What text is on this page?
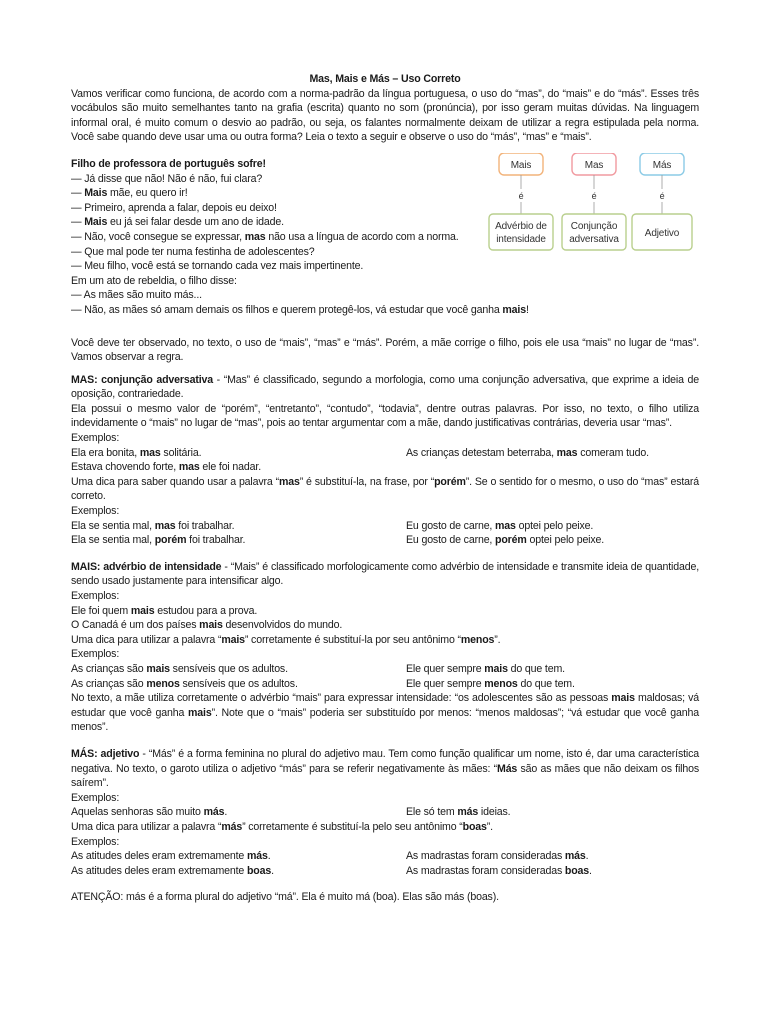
Mas, Mais e Más – Uso Correto

Vamos verificar como funciona, de acordo com a norma-padrão da língua portuguesa, o uso do “mas”, do “mais” e do “más”. Esses três vocábulos são muito semelhantes tanto na grafia (escrita) quanto no som (pronúncia), por isso geram muitas dúvidas. Na linguagem informal oral, é muito comum o desvio ao padrão, ou seja, os falantes normalmente deixam de utilizar a regra estipulada pela norma. Você sabe quando deve usar uma ou outra forma? Leia o texto a seguir e observe o uso do “más”, “mas” e “mais”.

Filho de professora de português sofre!

— Já disse que não! Não é não, fui clara?

— Mais mãe, eu quero ir!

— Primeiro, aprenda a falar, depois eu deixo!

— Mais eu já sei falar desde um ano de idade.

— Não, você consegue se expressar, mas não usa a língua de acordo com a norma.

— Que mal pode ter numa festinha de adolescentes?

— Meu filho, você está se tornando cada vez mais impertinente.

Em um ato de rebeldia, o filho disse:

— As mães são muito más...

— Não, as mães só amam demais os filhos e querem protegê-los, vá estudar que você ganha mais!

Mais
é
Advérbio de
intensidade
Mas
é
Conjunção
adversativa
Más
é
Adjetivo

Você deve ter observado, no texto, o uso de “mais”, “mas” e “más”. Porém, a mãe corrige o filho, pois ele usa “mais” no lugar de “mas”. Vamos observar a regra.

MAS: conjunção adversativa - “Mas” é classificado, segundo a morfologia, como uma conjunção adversativa, que exprime a ideia de oposição, contrariedade.

Ela possui o mesmo valor de “porém”, “entretanto”, “contudo”, “todavia”, dentre outras palavras. Por isso, no texto, o filho utiliza indevidamente o “mais” no lugar de “mas”, pois ao tentar argumentar com a mãe, dando justificativas contrárias, deveria usar “mas”.

Exemplos:

Ela era bonita, mas solitária.	As crianças detestam beterraba, mas comeram tudo.

Estava chovendo forte, mas ele foi nadar.

Uma dica para saber quando usar a palavra “mas” é substituí-la, na frase, por “porém”. Se o sentido for o mesmo, o uso do “mas” estará correto.

Exemplos:

Ela se sentia mal, mas foi trabalhar.	Eu gosto de carne, mas optei pelo peixe.

Ela se sentia mal, porém foi trabalhar.	Eu gosto de carne, porém optei pelo peixe.

MAIS: advérbio de intensidade - “Mais” é classificado morfologicamente como advérbio de intensidade e transmite ideia de quantidade, sendo usado justamente para intensificar algo.

Exemplos:

Ele foi quem mais estudou para a prova.

O Canadá é um dos países mais desenvolvidos do mundo.

Uma dica para utilizar a palavra “mais” corretamente é substituí-la por seu antônimo “menos”.

Exemplos:

As crianças são mais sensíveis que os adultos.	Ele quer sempre mais do que tem.

As crianças são menos sensíveis que os adultos.	Ele quer sempre menos do que tem.

No texto, a mãe utiliza corretamente o advérbio “mais” para expressar intensidade: “os adolescentes são as pessoas mais maldosas; vá estudar que você ganha mais”. Note que o “mais” poderia ser substituído por menos: “menos maldosas”; “vá estudar que você ganha menos”.

MÁS: adjetivo - “Más” é a forma feminina no plural do adjetivo mau. Tem como função qualificar um nome, isto é, dar uma característica negativa. No texto, o garoto utiliza o adjetivo “más” para se referir negativamente às mães: “Más são as mães que não deixam os filhos saírem”.

Exemplos:

Aquelas senhoras são muito más.	Ele só tem más ideias.

Uma dica para utilizar a palavra “más” corretamente é substituí-la pelo seu antônimo “boas”.

Exemplos:

As atitudes deles eram extremamente más.	As madrastas foram consideradas más.

As atitudes deles eram extremamente boas.	As madrastas foram consideradas boas.

ATENÇÃO: más é a forma plural do adjetivo “má”. Ela é muito má (boa). Elas são más (boas).
